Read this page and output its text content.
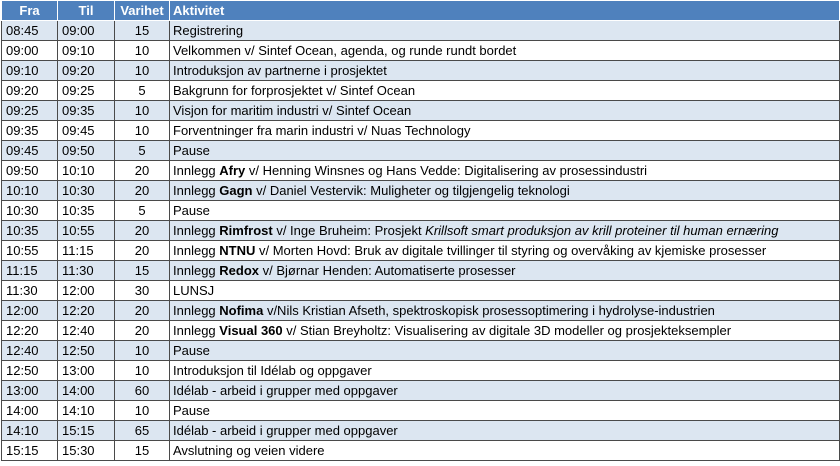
Fra	Til	Varihet	Aktivitet
08:45	09:00	15	Registrering
09:00	09:10	10	Velkommen v/ Sintef Ocean, agenda, og runde rundt bordet
09:10	09:20	10	Introduksjon av partnerne i prosjektet
09:20	09:25	5	Bakgrunn for forprosjektet v/ Sintef Ocean
09:25	09:35	10	Visjon for maritim industri v/ Sintef Ocean
09:35	09:45	10	Forventninger fra marin industri v/ Nuas Technology
09:45	09:50	5	Pause
09:50	10:10	20	Innlegg Afry v/ Henning Winsnes og Hans Vedde: Digitalisering av prosessindustri
10:10	10:30	20	Innlegg Gagn v/ Daniel Vestervik: Muligheter og tilgjengelig teknologi
10:30	10:35	5	Pause
10:35	10:55	20	Innlegg Rimfrost v/ Inge Bruheim: Prosjekt Krillsoft smart produksjon av krill proteiner til human ernæring
10:55	11:15	20	Innlegg NTNU v/ Morten Hovd: Bruk av digitale tvillinger til styring og overvåking av kjemiske prosesser
11:15	11:30	15	Innlegg Redox v/ Bjørnar Henden: Automatiserte prosesser
11:30	12:00	30	LUNSJ
12:00	12:20	20	Innlegg Nofima v/Nils Kristian Afseth, spektroskopisk prosessoptimering i hydrolyse-industrien
12:20	12:40	20	Innlegg Visual 360 v/ Stian Breyholtz: Visualisering av digitale 3D modeller og prosjekteksempler
12:40	12:50	10	Pause
12:50	13:00	10	Introduksjon til Idélab og oppgaver
13:00	14:00	60	Idélab - arbeid i grupper med oppgaver
14:00	14:10	10	Pause
14:10	15:15	65	Idélab - arbeid i grupper med oppgaver
15:15	15:30	15	Avslutning og veien videre
